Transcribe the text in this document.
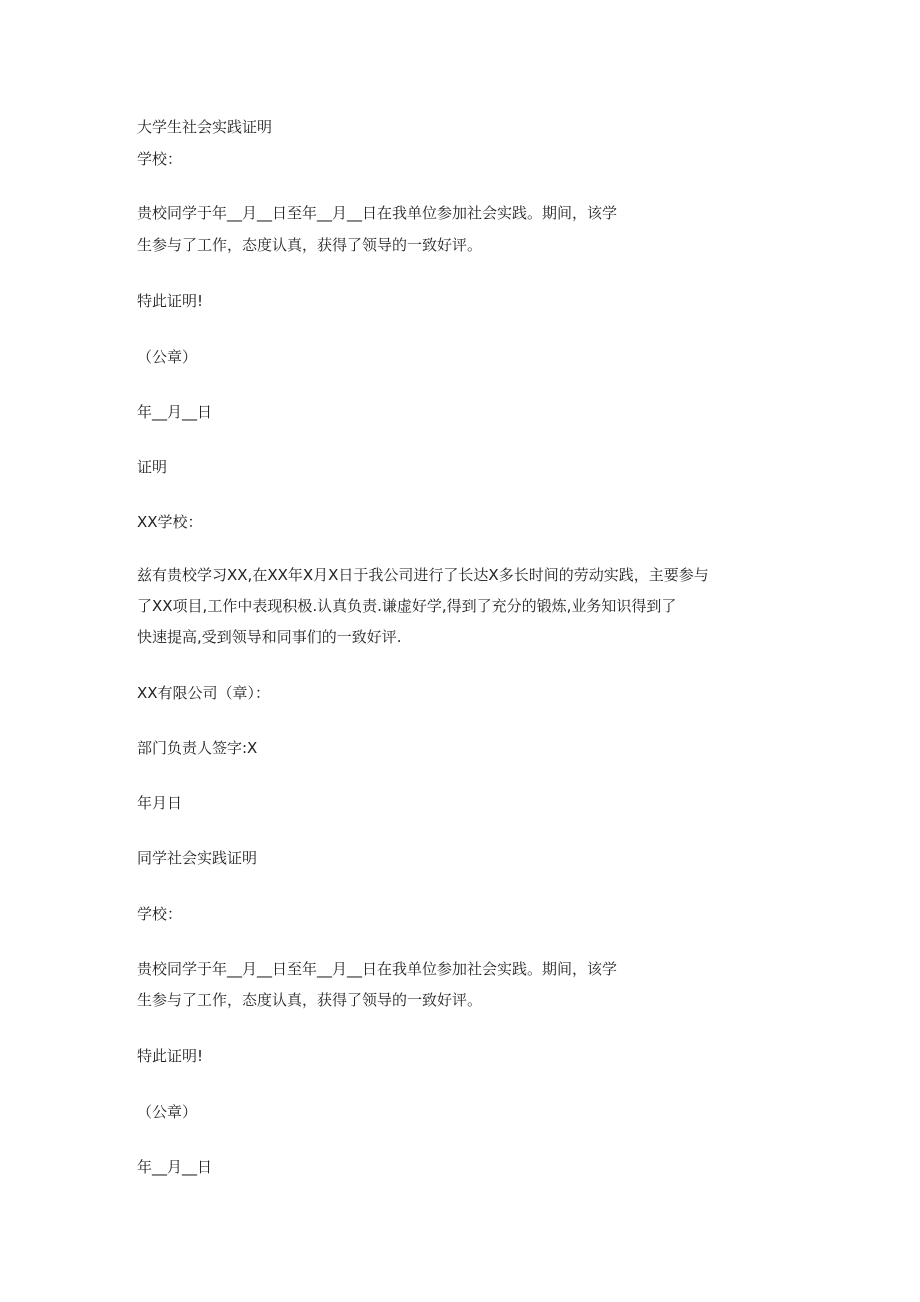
大学生社会实践证明
学校：
贵校同学于年__月__日至年__月__日在我单位参加社会实践。期间，该学
生参与了工作，态度认真，获得了领导的一致好评。
特此证明!
（公章）
年__月__日
证明
XX学校：
兹有贵校学习XX,在XX年X月X日于我公司进行了长达X多长时间的劳动实践，主要参与
了XX项目,工作中表现积极.认真负责.谦虚好学,得到了充分的锻炼,业务知识得到了
快速提高,受到领导和同事们的一致好评.
XX有限公司（章）：
部门负责人签字:X
年月日
同学社会实践证明
学校：
贵校同学于年__月__日至年__月__日在我单位参加社会实践。期间，该学
生参与了工作，态度认真，获得了领导的一致好评。
特此证明!
（公章）
年__月__日
